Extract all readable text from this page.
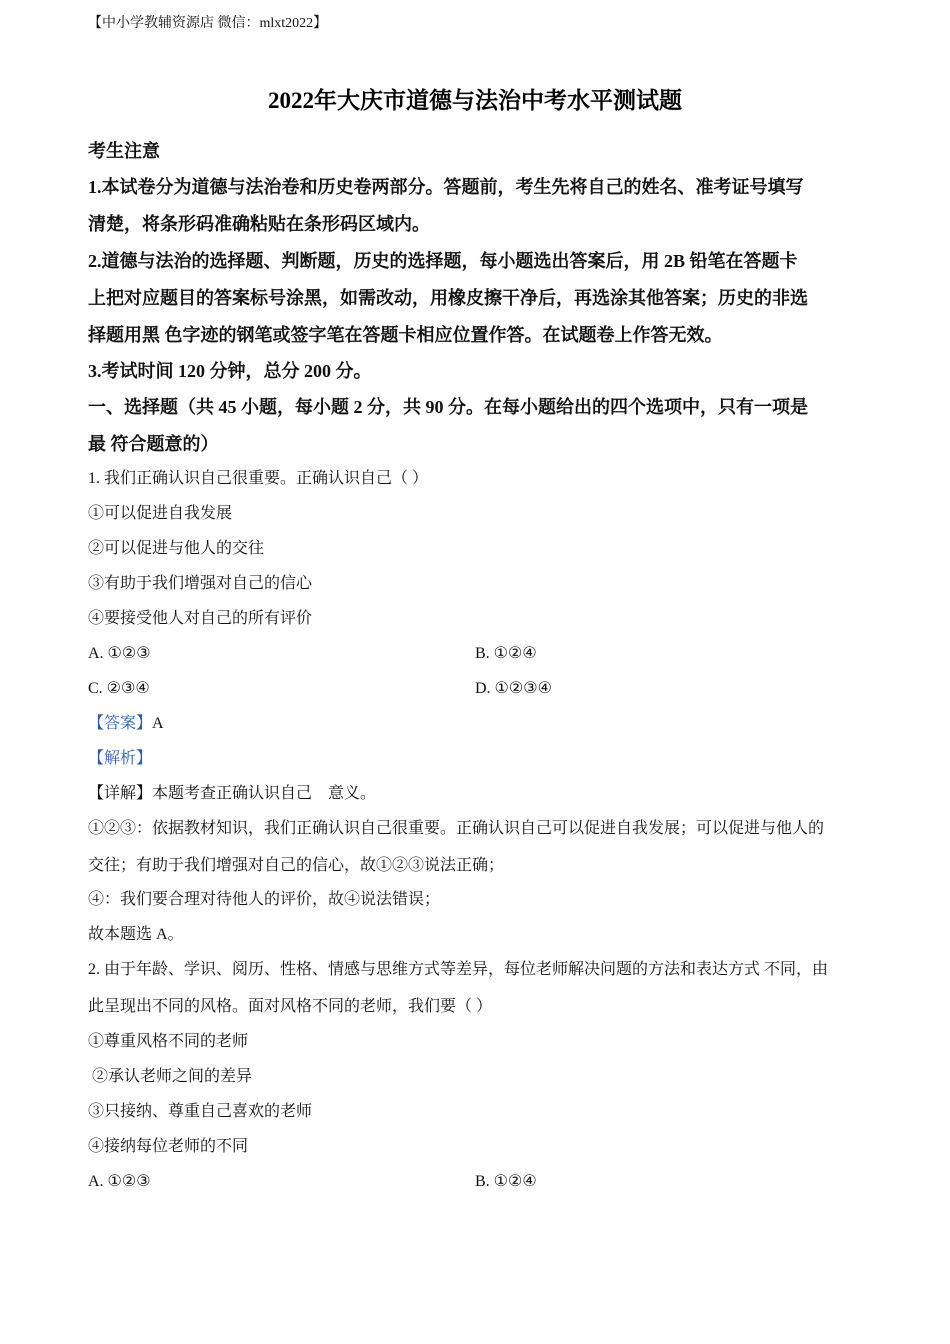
【中小学教辅资源店 微信：mlxt2022】
2022年大庆市道德与法治中考水平测试题
考生注意
1.本试卷分为道德与法治卷和历史卷两部分。答题前，考生先将自己的姓名、准考证号填写
清楚，将条形码准确粘贴在条形码区域内。
2.道德与法治的选择题、判断题，历史的选择题，每小题选出答案后，用 2B 铅笔在答题卡
上把对应题目的答案标号涂黑，如需改动，用橡皮擦干净后，再选涂其他答案；历史的非选
择题用黑 色字迹的钢笔或签字笔在答题卡相应位置作答。在试题卷上作答无效。
3.考试时间 120 分钟，总分 200 分。
一、选择题（共 45 小题，每小题 2 分，共 90 分。在每小题给出的四个选项中，只有一项是
最 符合题意的）
1. 我们正确认识自己很重要。正确认识自己（ ）
①可以促进自我发展
②可以促进与他人的交往
③有助于我们增强对自己的信心
④要接受他人对自己的所有评价
A. ①②③	B. ①②④
C. ②③④	D. ①②③④
【答案】A
【解析】
【详解】本题考查正确认识自己    意义。
①②③：依据教材知识，我们正确认识自己很重要。正确认识自己可以促进自我发展；可以促进与他人的
交往；有助于我们增强对自己的信心，故①②③说法正确；
④：我们要合理对待他人的评价，故④说法错误；
故本题选 A。
2. 由于年龄、学识、阅历、性格、情感与思维方式等差异，每位老师解决问题的方法和表达方式 不同，由
此呈现出不同的风格。面对风格不同的老师，我们要（ ）
①尊重风格不同的老师
②承认老师之间的差异
③只接纳、尊重自己喜欢的老师
④接纳每位老师的不同
A. ①②③	B. ①②④
